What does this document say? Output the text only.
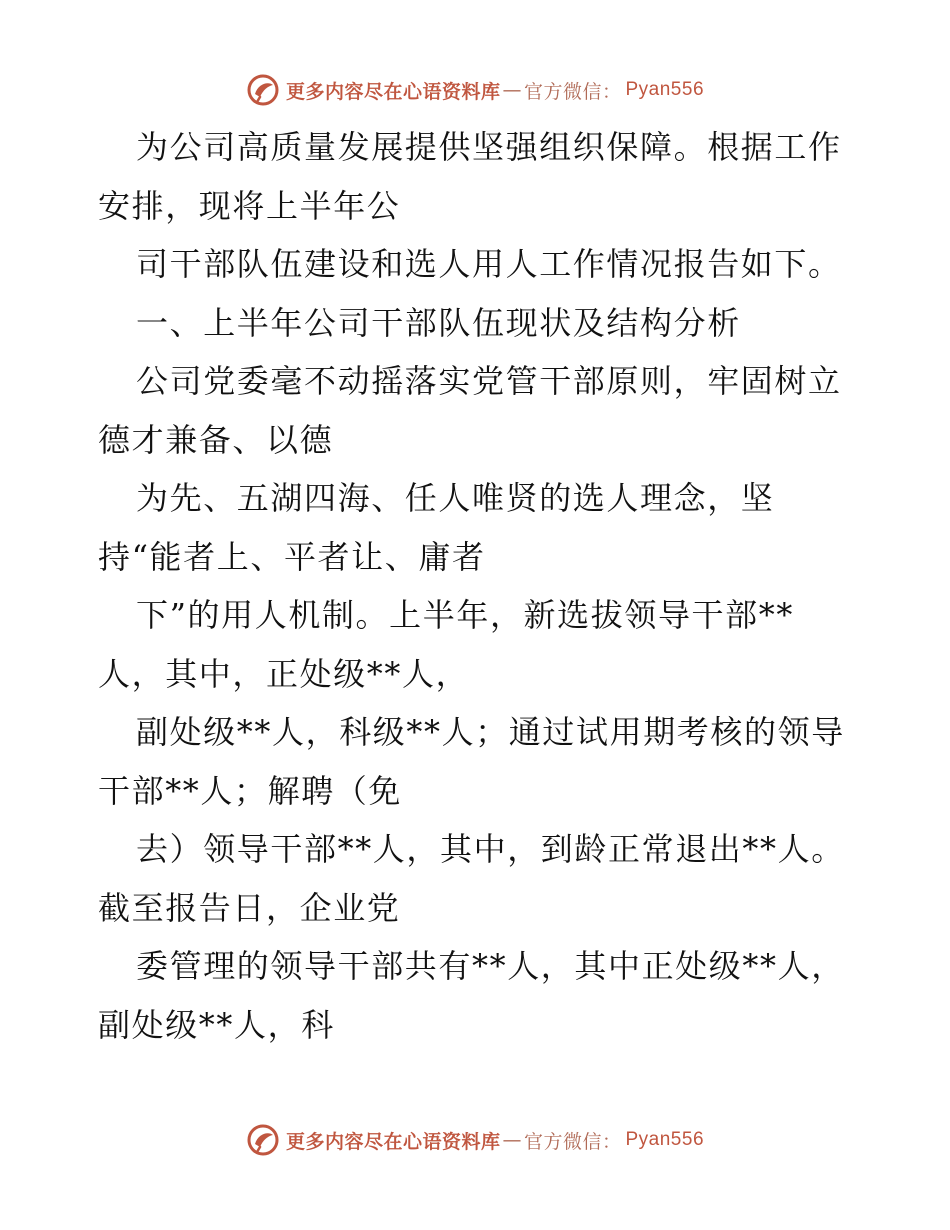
更多内容尽在心语资料库 — 官方微信： Pyan556
为公司高质量发展提供坚强组织保障。根据工作
安排，现将上半年公
司干部队伍建设和选人用人工作情况报告如下。
一、上半年公司干部队伍现状及结构分析
公司党委毫不动摇落实党管干部原则，牢固树立
德才兼备、以德
为先、五湖四海、任人唯贤的选人理念，坚
持“能者上、平者让、庸者
下”的用人机制。上半年，新选拔领导干部**
人，其中，正处级**人，
副处级**人，科级**人；通过试用期考核的领导
干部**人；解聘（免
去）领导干部**人，其中，到龄正常退出**人。
截至报告日，企业党
委管理的领导干部共有**人，其中正处级**人，
副处级**人，科
更多内容尽在心语资料库 — 官方微信： Pyan556
